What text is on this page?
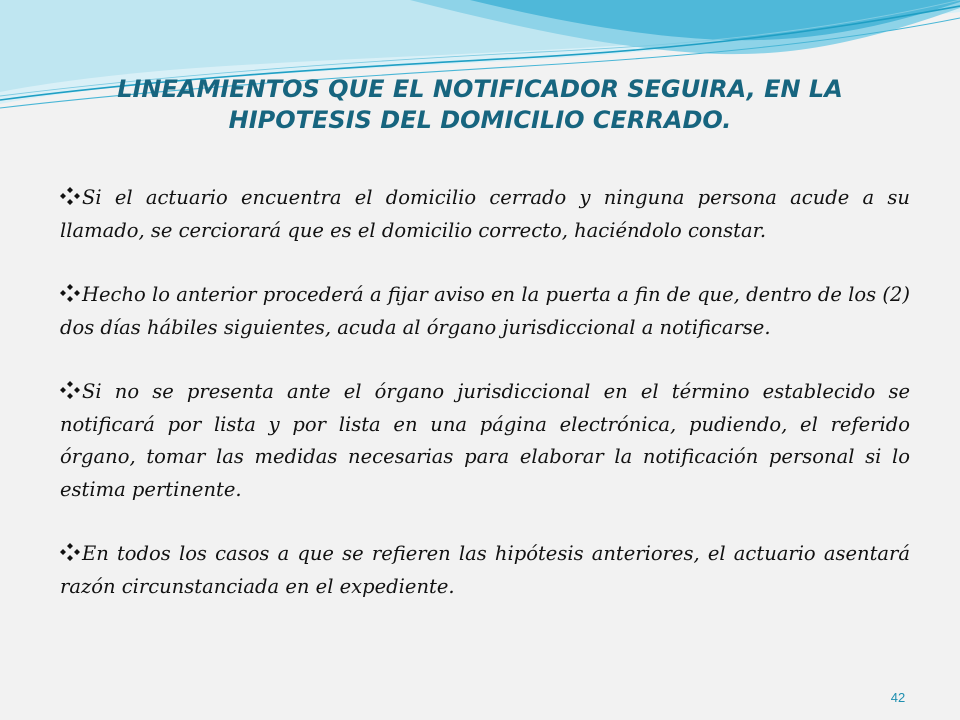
LINEAMIENTOS QUE EL NOTIFICADOR SEGUIRA, EN LA
HIPOTESIS DEL DOMICILIO CERRADO.

Si el actuario encuentra el domicilio cerrado y ninguna persona acude a su llamado, se cerciorará que es el domicilio correcto, haciéndolo constar.

Hecho lo anterior procederá a fijar aviso en la puerta a fin de que, dentro de los (2) dos días hábiles siguientes, acuda al órgano jurisdiccional a notificarse.

Si no se presenta ante el órgano jurisdiccional en el término establecido se notificará por lista y por lista en una página electrónica, pudiendo, el referido órgano, tomar las medidas necesarias para elaborar la notificación personal si lo estima pertinente.

En todos los casos a que se refieren las hipótesis anteriores, el actuario asentará razón circunstanciada en el expediente.

42
